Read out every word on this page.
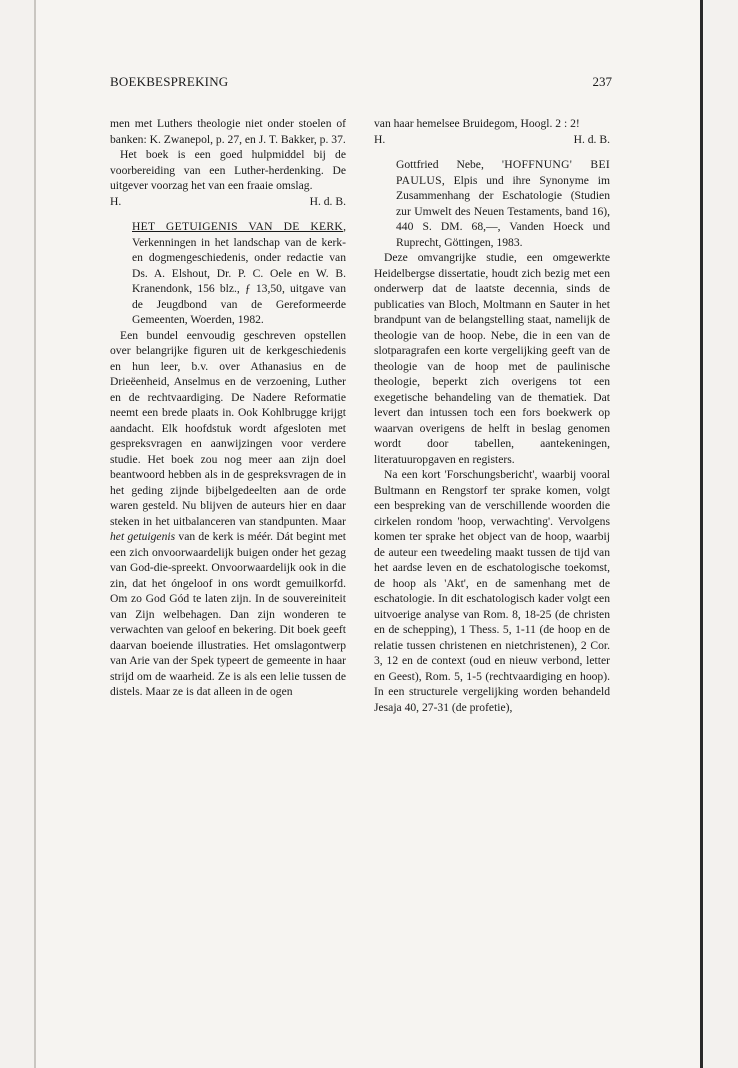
BOEKBESPREKING	237

men met Luthers theologie niet onder stoelen of banken: K. Zwanepol, p. 27, en J. T. Bakker, p. 37.

Het boek is een goed hulpmiddel bij de voorbereiding van een Luther-herdenking. De uitgever voorzag het van een fraaie omslag.

H.	H. d. B.
HET GETUIGENIS VAN DE KERK, Verkenningen in het landschap van de kerk- en dogmengeschiedenis, onder redactie van Ds. A. Elshout, Dr. P. C. Oele en W. B. Kranendonk, 156 blz., ƒ 13,50, uitgave van de Jeugdbond van de Gereformeerde Gemeenten, Woerden, 1982.

Een bundel eenvoudig geschreven opstellen over belangrijke figuren uit de kerkgeschiedenis en hun leer, b.v. over Athanasius en de Drieëenheid, Anselmus en de verzoening, Luther en de rechtvaardiging. De Nadere Reformatie neemt een brede plaats in. Ook Kohlbrugge krijgt aandacht. Elk hoofdstuk wordt afgesloten met gespreksvragen en aanwijzingen voor verdere studie. Het boek zou nog meer aan zijn doel beantwoord hebben als in de gespreksvragen de in het geding zijnde bijbelgedeelten aan de orde waren gesteld. Nu blijven de auteurs hier en daar steken in het uitbalanceren van standpunten. Maar het getuigenis van de kerk is méér. Dát begint met een zich onvoorwaardelijk buigen onder het gezag van God-die-spreekt. Onvoorwaardelijk ook in die zin, dat het óngeloof in ons wordt gemuilkorfd. Om zo God Gód te laten zijn. In de souvereiniteit van Zijn welbehagen. Dan zijn wonderen te verwachten van geloof en bekering. Dit boek geeft daarvan boeiende illustraties. Het omslagontwerp van Arie van der Spek typeert de gemeente in haar strijd om de waarheid. Ze is als een lelie tussen de distels. Maar ze is dat alleen in de ogen

van haar hemelsee Bruidegom, Hoogl. 2 : 2!

H.	H. d. B.
Gottfried Nebe, 'HOFFNUNG' BEI PAULUS, Elpis und ihre Synonyme im Zusammenhang der Eschatologie (Studien zur Umwelt des Neuen Testaments, band 16), 440 S. DM. 68,—, Vanden Hoeck und Ruprecht, Göttingen, 1983.

Deze omvangrijke studie, een omgewerkte Heidelbergse dissertatie, houdt zich bezig met een onderwerp dat de laatste decennia, sinds de publicaties van Bloch, Moltmann en Sauter in het brandpunt van de belangstelling staat, namelijk de theologie van de hoop. Nebe, die in een van de slotparagrafen een korte vergelijking geeft van de theologie van de hoop met de paulinische theologie, beperkt zich overigens tot een exegetische behandeling van de thematiek. Dat levert dan intussen toch een fors boekwerk op waarvan overigens de helft in beslag genomen wordt door tabellen, aantekeningen, literatuuropgaven en registers.

Na een kort 'Forschungsbericht', waarbij vooral Bultmann en Rengstorf ter sprake komen, volgt een bespreking van de verschillende woorden die cirkelen rondom 'hoop, verwachting'. Vervolgens komen ter sprake het object van de hoop, waarbij de auteur een tweedeling maakt tussen de tijd van het aardse leven en de eschatologische toekomst, de hoop als 'Akt', en de samenhang met de eschatologie. In dit eschatologisch kader volgt een uitvoerige analyse van Rom. 8, 18-25 (de christen en de schepping), 1 Thess. 5, 1-11 (de hoop en de relatie tussen christenen en nietchristenen), 2 Cor. 3, 12 en de context (oud en nieuw verbond, letter en Geest), Rom. 5, 1-5 (rechtvaardiging en hoop). In een structurele vergelijking worden behandeld Jesaja 40, 27-31 (de profetie),
